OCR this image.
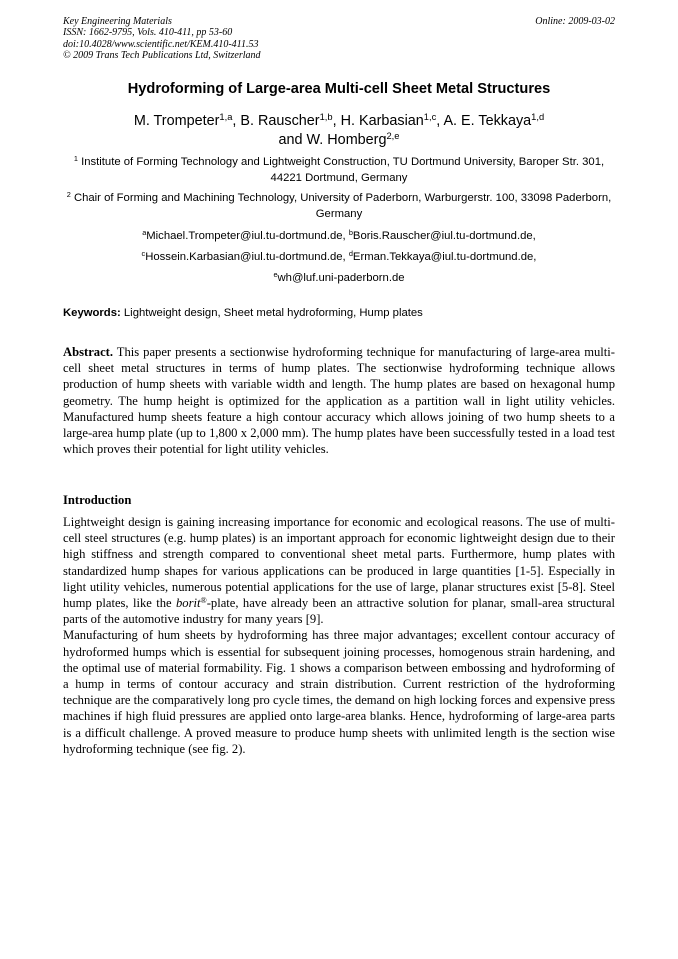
Key Engineering Materials
ISSN: 1662-9795, Vols. 410-411, pp 53-60
doi:10.4028/www.scientific.net/KEM.410-411.53
© 2009 Trans Tech Publications Ltd, Switzerland
Online: 2009-03-02
Hydroforming of Large-area Multi-cell Sheet Metal Structures
M. Trompeter$^{1,a}$, B. Rauscher$^{1,b}$, H. Karbasian$^{1,c}$, A. E. Tekkaya$^{1,d}$
and W. Homberg$^{2,e}$
$^1$ Institute of Forming Technology and Lightweight Construction, TU Dortmund University, Baroper Str. 301, 44221 Dortmund, Germany
$^2$ Chair of Forming and Machining Technology, University of Paderborn, Warburgerstr. 100, 33098 Paderborn, Germany
$^a$Michael.Trompeter@iul.tu-dortmund.de, $^b$Boris.Rauscher@iul.tu-dortmund.de,
$^c$Hossein.Karbasian@iul.tu-dortmund.de, $^d$Erman.Tekkaya@iul.tu-dortmund.de,
$^e$wh@luf.uni-paderborn.de
Keywords: Lightweight design, Sheet metal hydroforming, Hump plates
Abstract. This paper presents a sectionwise hydroforming technique for manufacturing of large-area multi-cell sheet metal structures in terms of hump plates. The sectionwise hydroforming technique allows production of hump sheets with variable width and length. The hump plates are based on hexagonal hump geometry. The hump height is optimized for the application as a partition wall in light utility vehicles. Manufactured hump sheets feature a high contour accuracy which allows joining of two hump sheets to a large-area hump plate (up to 1,800 x 2,000 mm). The hump plates have been successfully tested in a load test which proves their potential for light utility vehicles.
Introduction

Lightweight design is gaining increasing importance for economic and ecological reasons. The use of multi-cell steel structures (e.g. hump plates) is an important approach for economic lightweight design due to their high stiffness and strength compared to conventional sheet metal parts. Furthermore, hump plates with standardized hump shapes for various applications can be produced in large quantities [1-5]. Especially in light utility vehicles, numerous potential applications for the use of large, planar structures exist [5-8]. Steel hump plates, like the borit®-plate, have already been an attractive solution for planar, small-area structural parts of the automotive industry for many years [9].

Manufacturing of hum sheets by hydroforming has three major advantages; excellent contour accuracy of hydroformed humps which is essential for subsequent joining processes, homogenous strain hardening, and the optimal use of material formability. Fig. 1 shows a comparison between embossing and hydroforming of a hump in terms of contour accuracy and strain distribution. Current restriction of the hydroforming technique are the comparatively long pro cycle times, the demand on high locking forces and expensive press machines if high fluid pressures are applied onto large-area blanks. Hence, hydroforming of large-area parts is a difficult challenge. A proved measure to produce hump sheets with unlimited length is the section wise hydroforming technique (see fig. 2).
